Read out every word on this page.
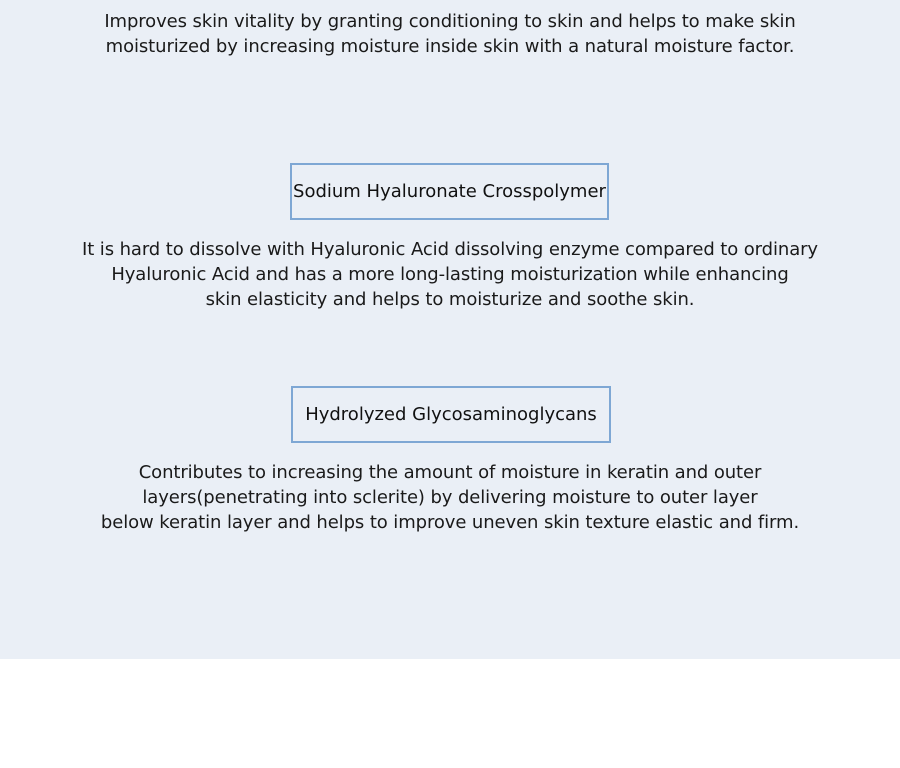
Improves skin vitality by granting conditioning to skin and helps to make skin
moisturized by increasing moisture inside skin with a natural moisture factor.
Sodium Hyaluronate Crosspolymer
It is hard to dissolve with Hyaluronic Acid dissolving enzyme compared to ordinary
Hyaluronic Acid and has a more long-lasting moisturization while enhancing
skin elasticity and helps to moisturize and soothe skin.
Hydrolyzed Glycosaminoglycans
Contributes to increasing the amount of moisture in keratin and outer
layers(penetrating into sclerite) by delivering moisture to outer layer
below keratin layer and helps to improve uneven skin texture elastic and firm.
